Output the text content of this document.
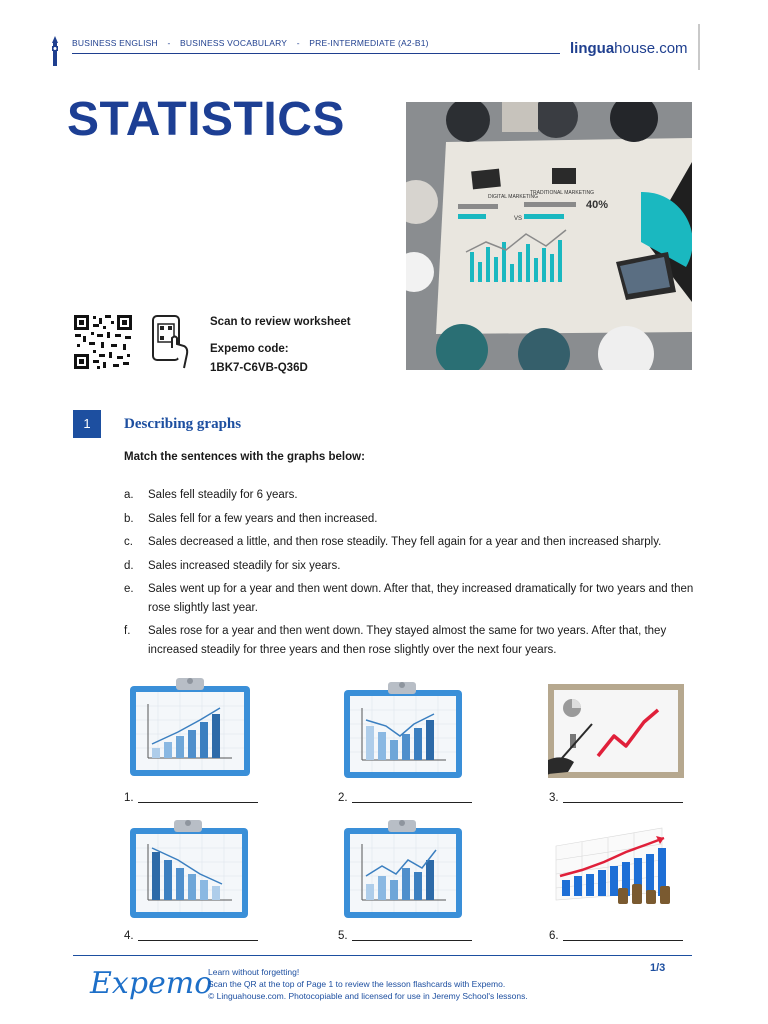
BUSINESS ENGLISH - BUSINESS VOCABULARY - PRE-INTERMEDIATE (A2-B1)	linguahouse.com
STATISTICS
DIGITAL MARKETING
TRADITIONAL MARKETING
VS
40%
Scan to review worksheet
Expemo code:
1BK7-C6VB-Q36D
1	Describing graphs
Match the sentences with the graphs below:
a. Sales fell steadily for 6 years.
b. Sales fell for a few years and then increased.
c. Sales decreased a little, and then rose steadily. They fell again for a year and then increased sharply.
d. Sales increased steadily for six years.
e. Sales went up for a year and then went down. After that, they increased dramatically for two years and then rose slightly last year.
f. Sales rose for a year and then went down. They stayed almost the same for two years. After that, they increased steadily for three years and then rose slightly over the next four years.
1.	2.	3.
4.	5.	6.
Expemo
Learn without forgetting!
Scan the QR at the top of Page 1 to review the lesson flashcards with Expemo.
© Linguahouse.com. Photocopiable and licensed for use in Jeremy School's lessons.
1/3
